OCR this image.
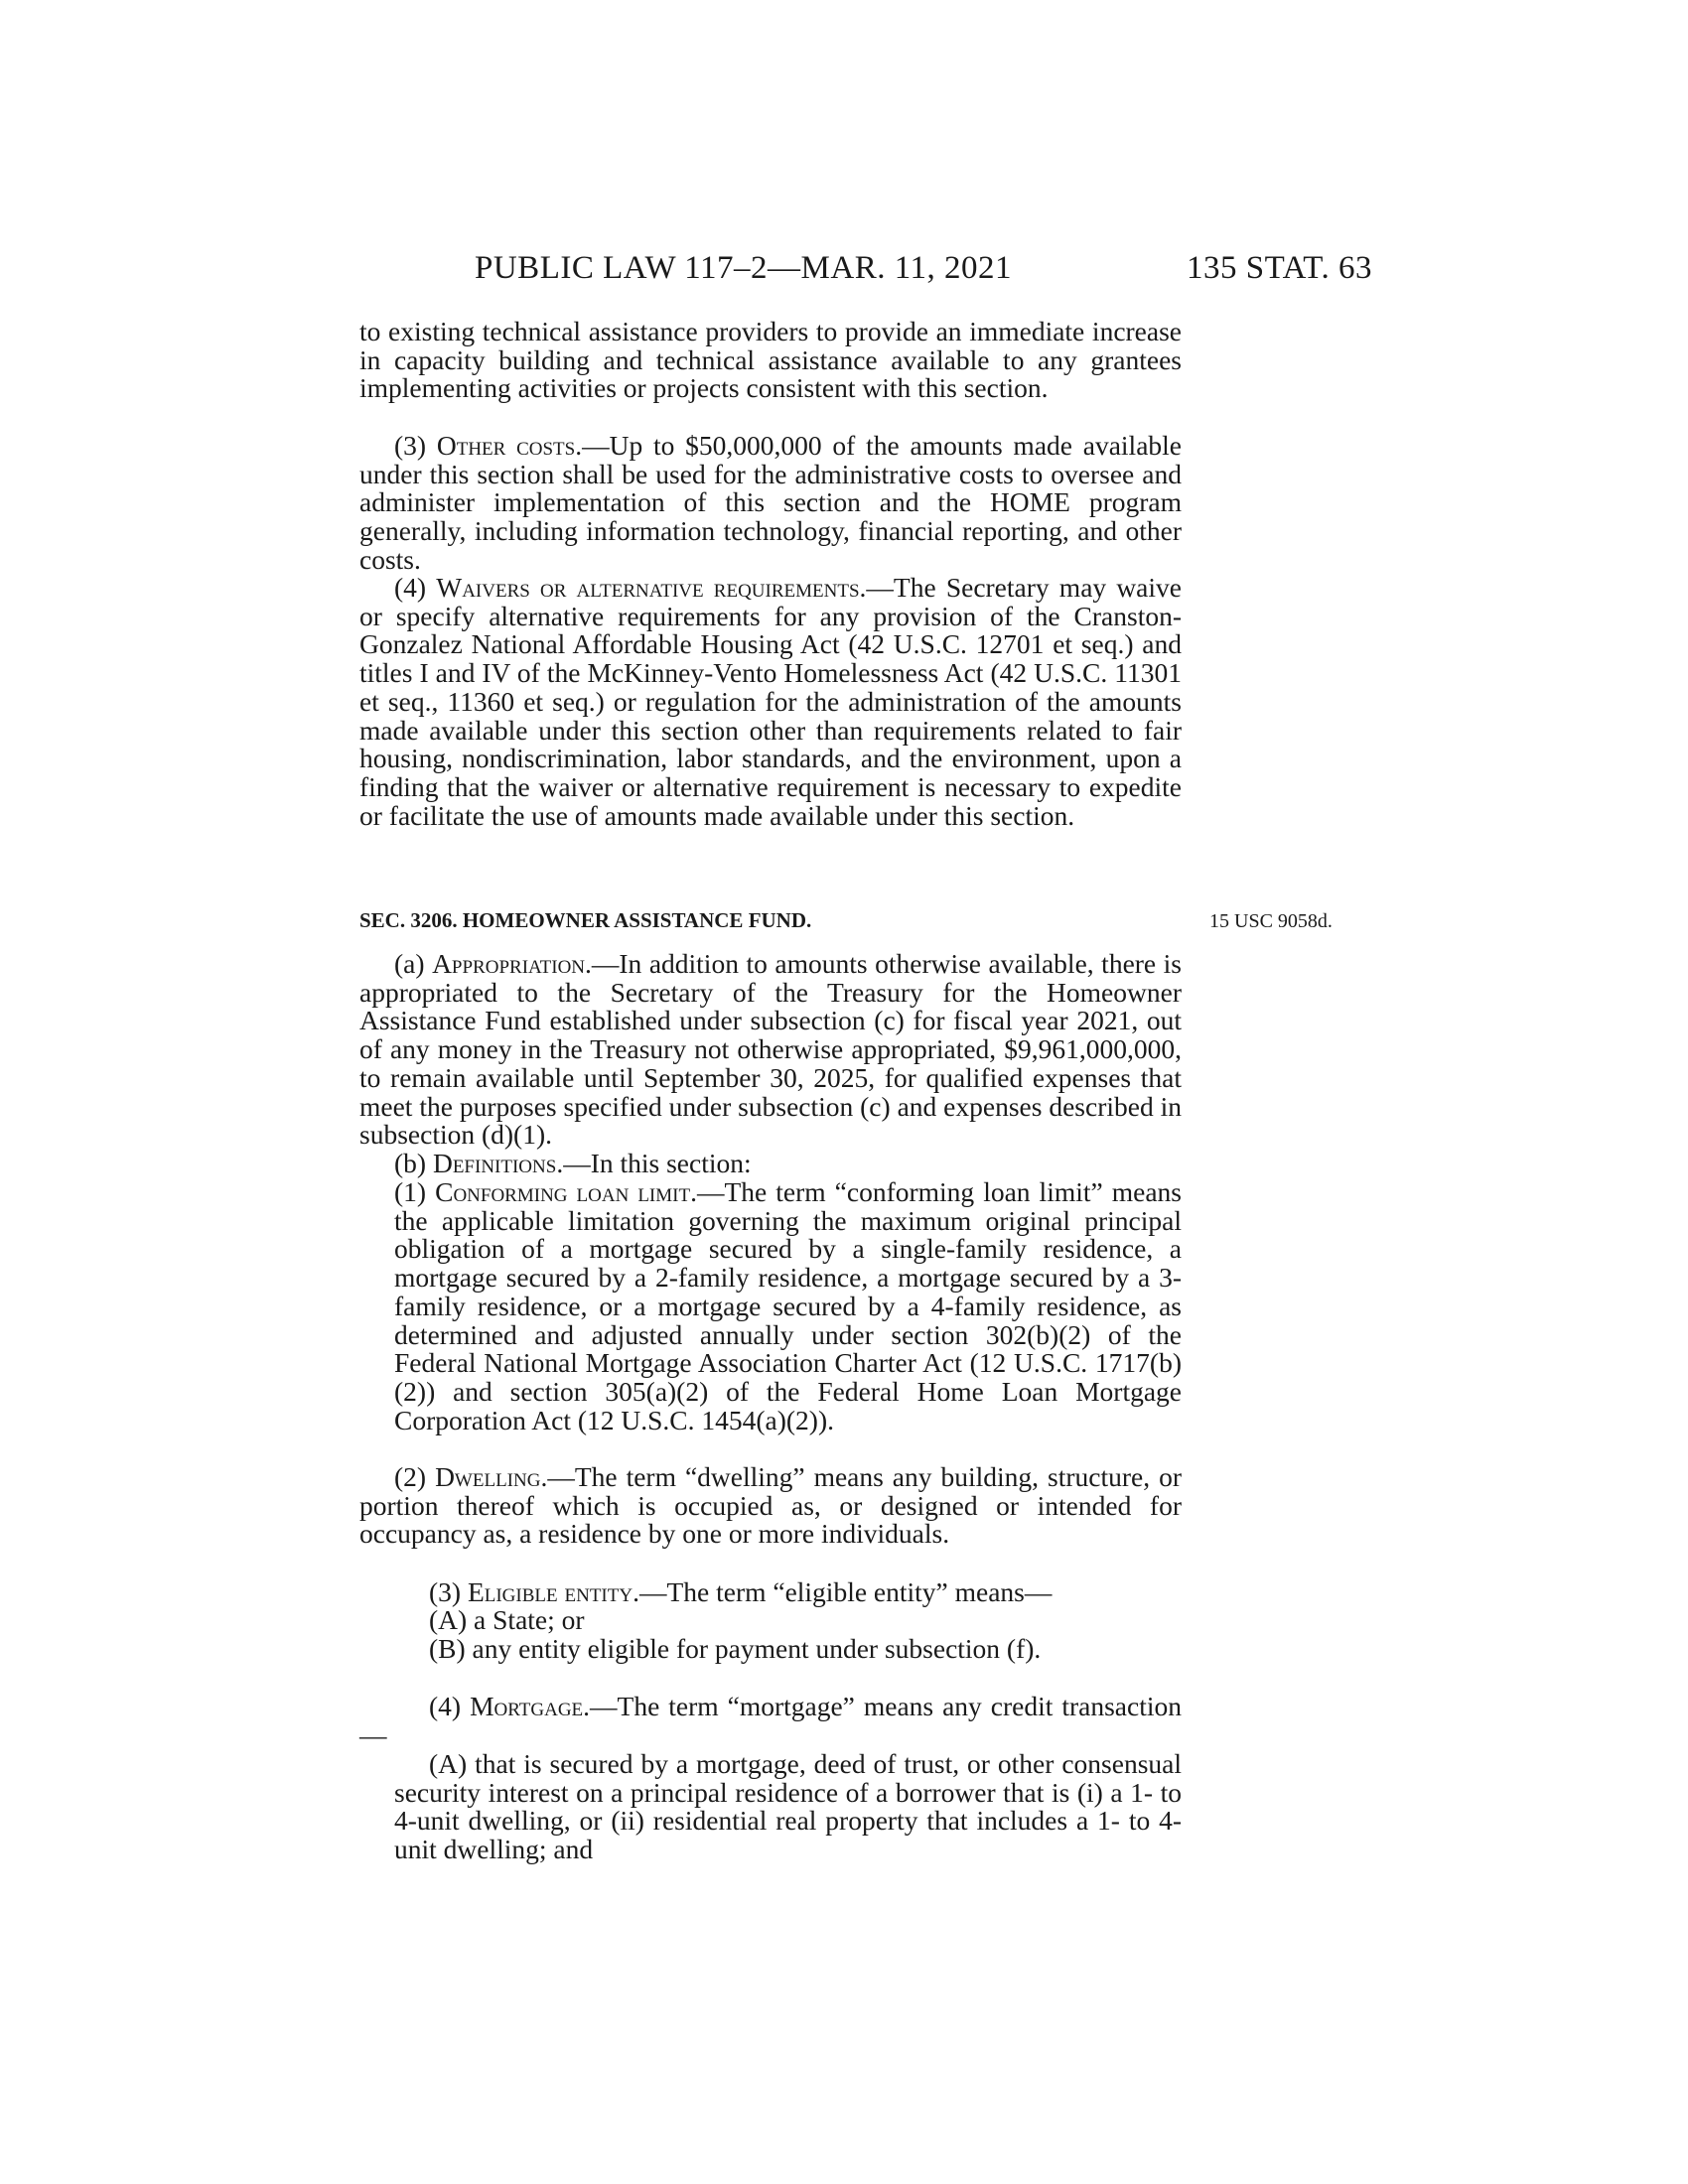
PUBLIC LAW 117–2—MAR. 11, 2021	135 STAT. 63

to existing technical assistance providers to provide an immediate increase in capacity building and technical assistance available to any grantees implementing activities or projects consistent with this section.

(3) Other costs.—Up to $50,000,000 of the amounts made available under this section shall be used for the administrative costs to oversee and administer implementation of this section and the HOME program generally, including information technology, financial reporting, and other costs.

(4) Waivers or alternative requirements.—The Secretary may waive or specify alternative requirements for any provision of the Cranston-Gonzalez National Affordable Housing Act (42 U.S.C. 12701 et seq.) and titles I and IV of the McKinney-Vento Homelessness Act (42 U.S.C. 11301 et seq., 11360 et seq.) or regulation for the administration of the amounts made available under this section other than requirements related to fair housing, nondiscrimination, labor standards, and the environment, upon a finding that the waiver or alternative requirement is necessary to expedite or facilitate the use of amounts made available under this section.

SEC. 3206. HOMEOWNER ASSISTANCE FUND.	15 USC 9058d.

(a) Appropriation.—In addition to amounts otherwise available, there is appropriated to the Secretary of the Treasury for the Homeowner Assistance Fund established under subsection (c) for fiscal year 2021, out of any money in the Treasury not otherwise appropriated, $9,961,000,000, to remain available until September 30, 2025, for qualified expenses that meet the purposes specified under subsection (c) and expenses described in subsection (d)(1).

(b) Definitions.—In this section:

(1) Conforming loan limit.—The term “conforming loan limit” means the applicable limitation governing the maximum original principal obligation of a mortgage secured by a single-family residence, a mortgage secured by a 2-family residence, a mortgage secured by a 3-family residence, or a mortgage secured by a 4-family residence, as determined and adjusted annually under section 302(b)(2) of the Federal National Mortgage Association Charter Act (12 U.S.C. 1717(b)(2)) and section 305(a)(2) of the Federal Home Loan Mortgage Corporation Act (12 U.S.C. 1454(a)(2)).

(2) Dwelling.—The term “dwelling” means any building, structure, or portion thereof which is occupied as, or designed or intended for occupancy as, a residence by one or more individuals.

(3) Eligible entity.—The term “eligible entity” means—

(A) a State; or

(B) any entity eligible for payment under subsection (f).

(4) Mortgage.—The term “mortgage” means any credit transaction—

(A) that is secured by a mortgage, deed of trust, or other consensual security interest on a principal residence of a borrower that is (i) a 1- to 4-unit dwelling, or (ii) residential real property that includes a 1- to 4-unit dwelling; and
